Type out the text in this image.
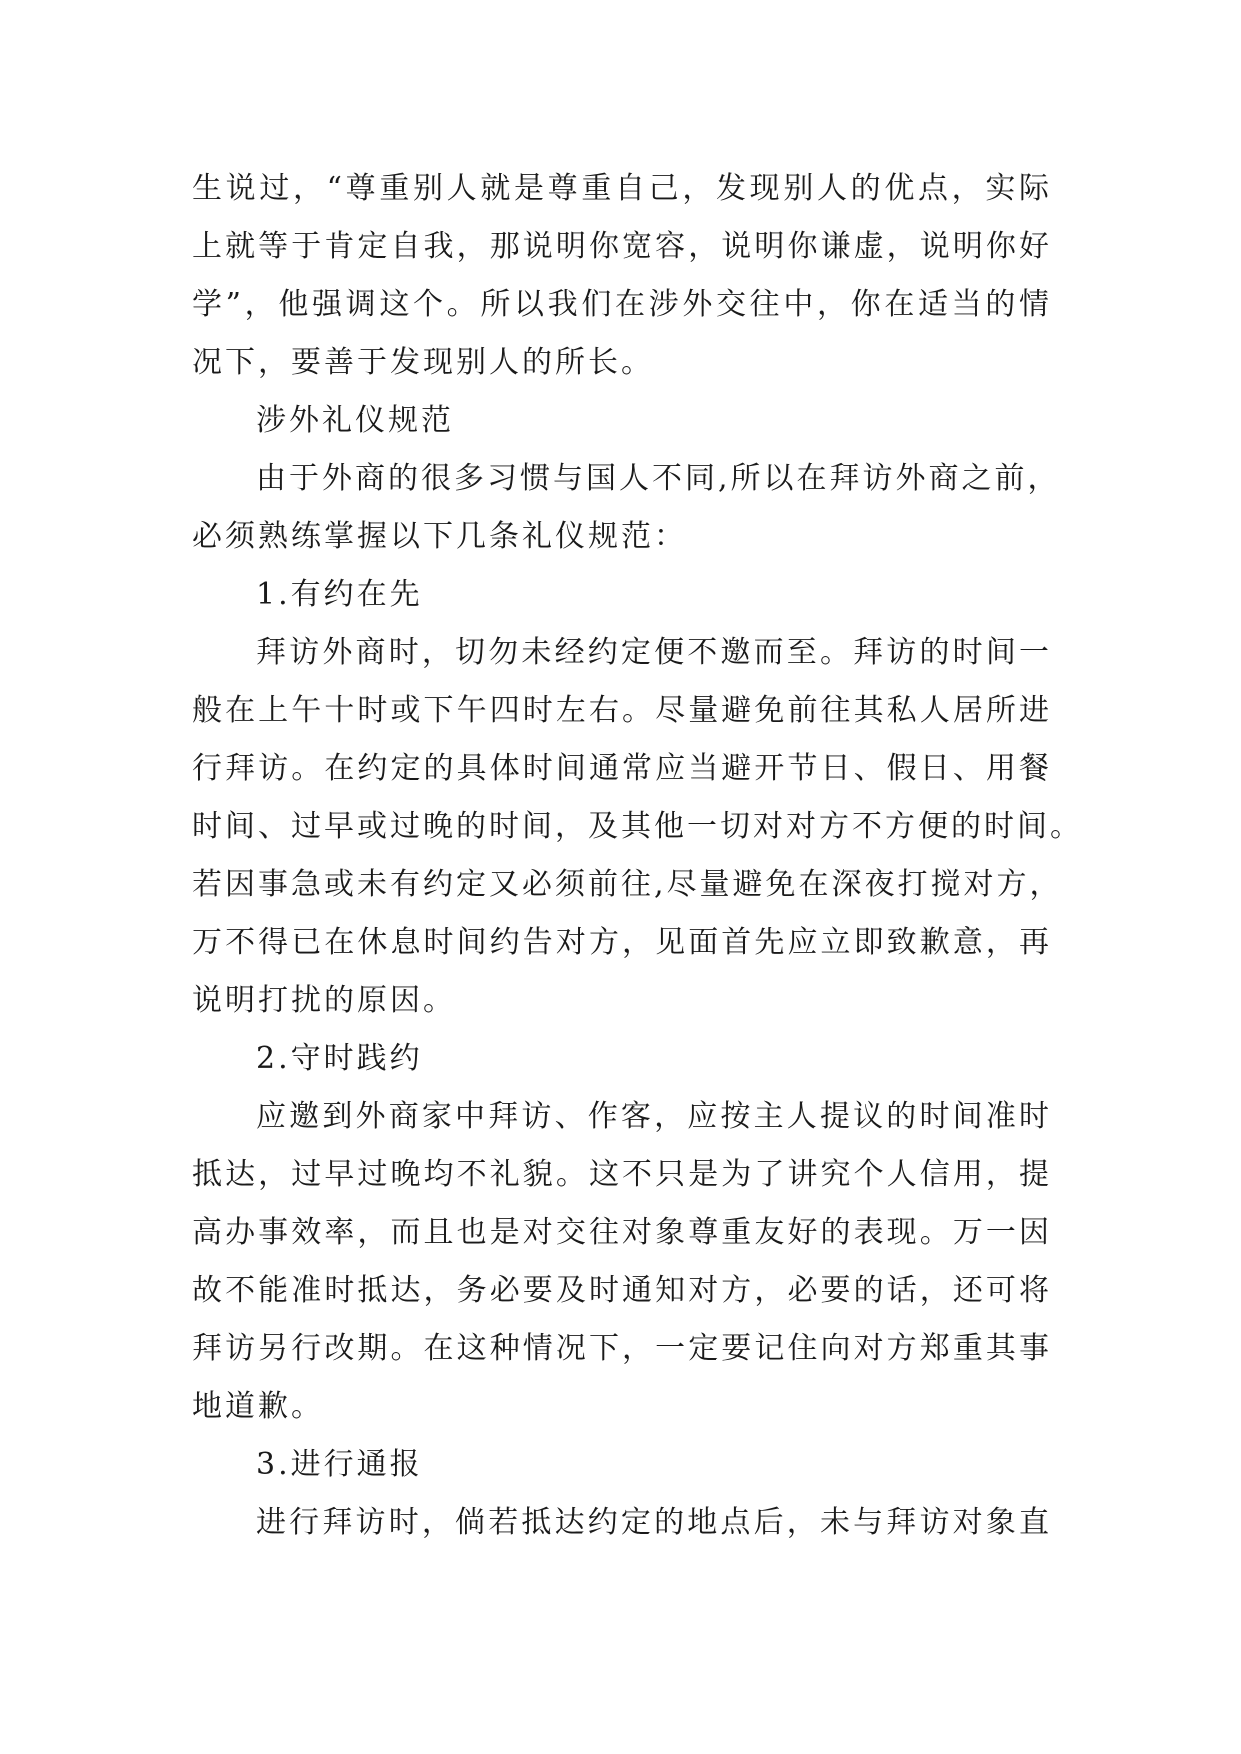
生说过，“尊重别人就是尊重自己，发现别人的优点，实际
上就等于肯定自我，那说明你宽容，说明你谦虚，说明你好
学”，他强调这个。所以我们在涉外交往中，你在适当的情
况下，要善于发现别人的所长。
涉外礼仪规范
由于外商的很多习惯与国人不同,所以在拜访外商之前，
必须熟练掌握以下几条礼仪规范：
1.有约在先
拜访外商时，切勿未经约定便不邀而至。拜访的时间一
般在上午十时或下午四时左右。尽量避免前往其私人居所进
行拜访。在约定的具体时间通常应当避开节日、假日、用餐
时间、过早或过晚的时间，及其他一切对对方不方便的时间。
若因事急或未有约定又必须前往,尽量避免在深夜打搅对方，
万不得已在休息时间约告对方，见面首先应立即致歉意，再
说明打扰的原因。
2.守时践约
应邀到外商家中拜访、作客，应按主人提议的时间准时
抵达，过早过晚均不礼貌。这不只是为了讲究个人信用，提
高办事效率，而且也是对交往对象尊重友好的表现。万一因
故不能准时抵达，务必要及时通知对方，必要的话，还可将
拜访另行改期。在这种情况下，一定要记住向对方郑重其事
地道歉。
3.进行通报
进行拜访时，倘若抵达约定的地点后，未与拜访对象直
